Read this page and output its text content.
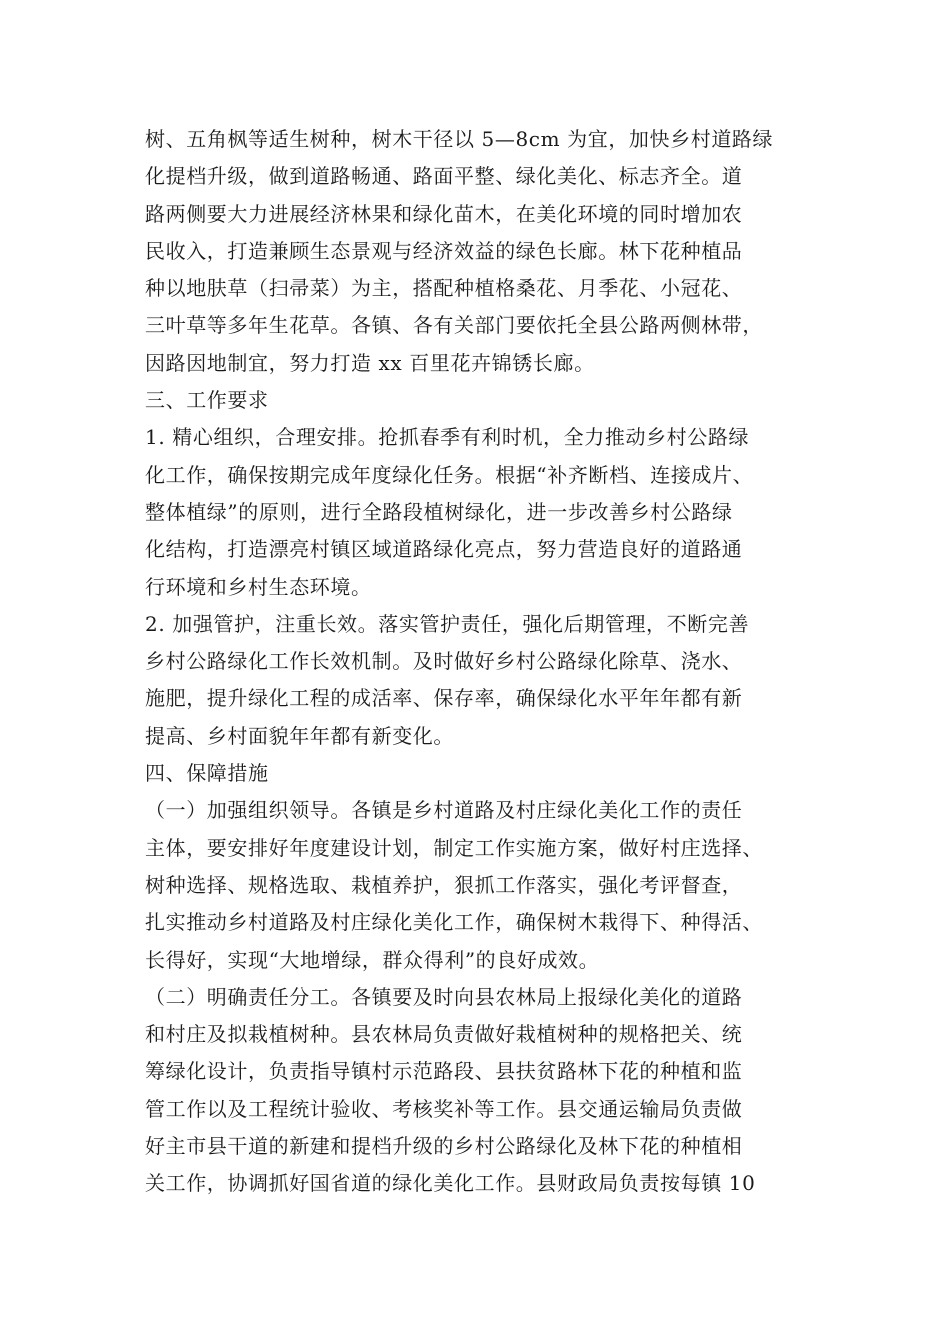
树、五角枫等适生树种，树木干径以 5—8cm 为宜，加快乡村道路绿
化提档升级，做到道路畅通、路面平整、绿化美化、标志齐全。道
路两侧要大力进展经济林果和绿化苗木，在美化环境的同时增加农
民收入，打造兼顾生态景观与经济效益的绿色长廊。林下花种植品
种以地肤草（扫帚菜）为主，搭配种植格桑花、月季花、小冠花、
三叶草等多年生花草。各镇、各有关部门要依托全县公路两侧林带，
因路因地制宜，努力打造 xx 百里花卉锦锈长廊。
三、工作要求
1. 精心组织，合理安排。抢抓春季有利时机，全力推动乡村公路绿
化工作，确保按期完成年度绿化任务。根据“补齐断档、连接成片、
整体植绿”的原则，进行全路段植树绿化，进一步改善乡村公路绿
化结构，打造漂亮村镇区域道路绿化亮点，努力营造良好的道路通
行环境和乡村生态环境。
2. 加强管护，注重长效。落实管护责任，强化后期管理，不断完善
乡村公路绿化工作长效机制。及时做好乡村公路绿化除草、浇水、
施肥，提升绿化工程的成活率、保存率，确保绿化水平年年都有新
提高、乡村面貌年年都有新变化。
四、保障措施
（一）加强组织领导。各镇是乡村道路及村庄绿化美化工作的责任
主体，要安排好年度建设计划，制定工作实施方案，做好村庄选择、
树种选择、规格选取、栽植养护，狠抓工作落实，强化考评督查，
扎实推动乡村道路及村庄绿化美化工作，确保树木栽得下、种得活、
长得好，实现“大地增绿，群众得利”的良好成效。
（二）明确责任分工。各镇要及时向县农林局上报绿化美化的道路
和村庄及拟栽植树种。县农林局负责做好栽植树种的规格把关、统
筹绿化设计，负责指导镇村示范路段、县扶贫路林下花的种植和监
管工作以及工程统计验收、考核奖补等工作。县交通运输局负责做
好主市县干道的新建和提档升级的乡村公路绿化及林下花的种植相
关工作，协调抓好国省道的绿化美化工作。县财政局负责按每镇 10
